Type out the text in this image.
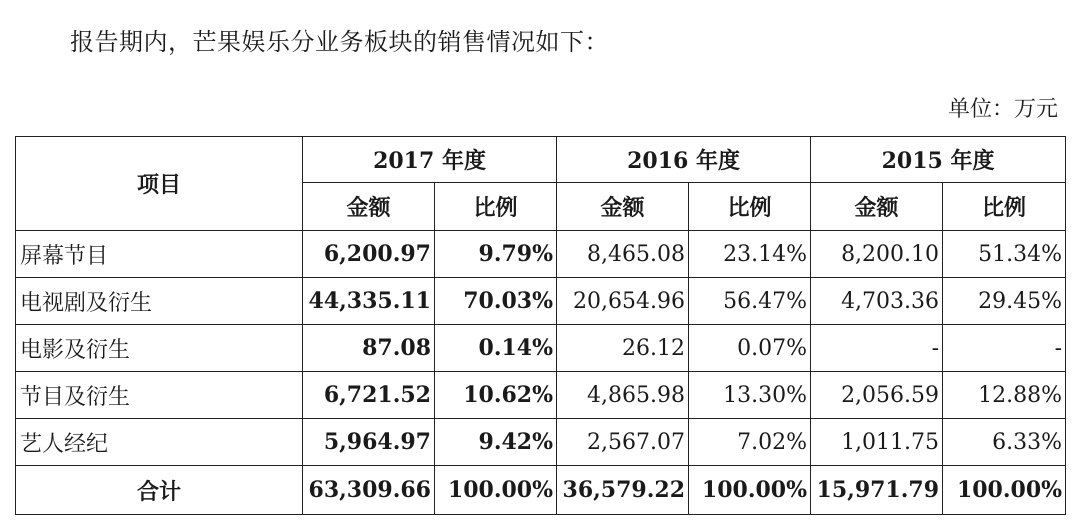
报告期内，芒果娱乐分业务板块的销售情况如下：
单位：万元
项目	2017 年度		2016 年度		2015 年度	
	金额	比例	金额	比例	金额	比例
屏幕节目	6,200.97	9.79%	8,465.08	23.14%	8,200.10	51.34%
电视剧及衍生	44,335.11	70.03%	20,654.96	56.47%	4,703.36	29.45%
电影及衍生	87.08	0.14%	26.12	0.07%	-	-
节目及衍生	6,721.52	10.62%	4,865.98	13.30%	2,056.59	12.88%
艺人经纪	5,964.97	9.42%	2,567.07	7.02%	1,011.75	6.33%
合计	63,309.66	100.00%	36,579.22	100.00%	15,971.79	100.00%
